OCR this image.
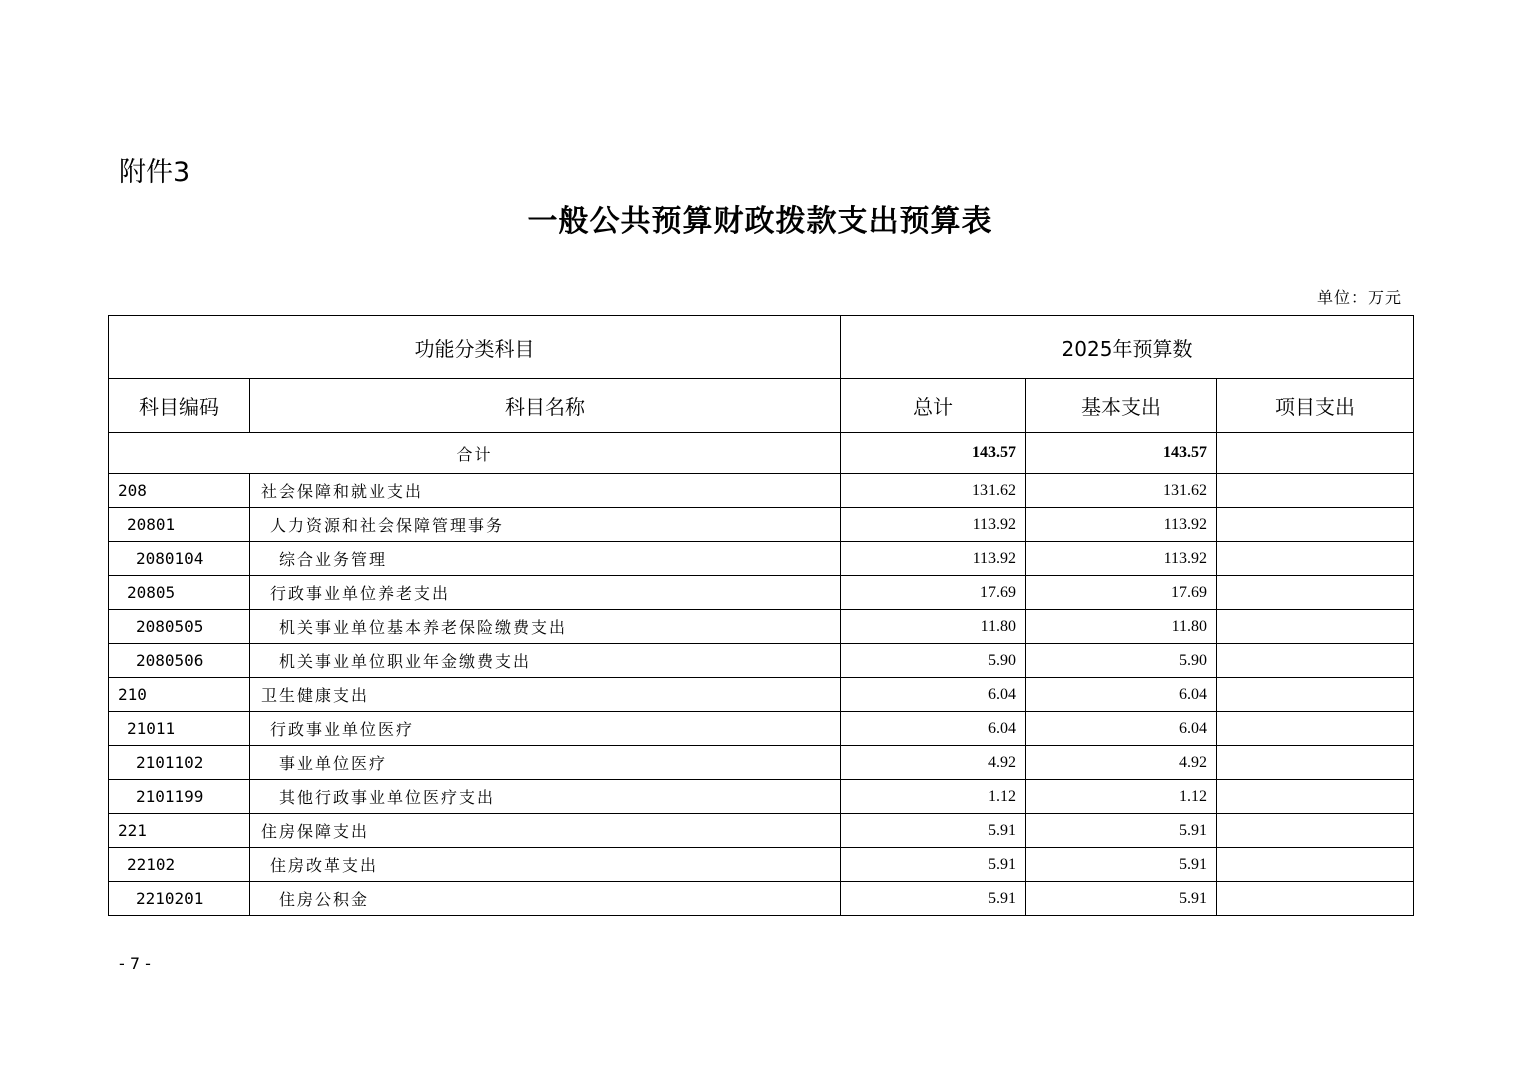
附件3
一般公共预算财政拨款支出预算表
单位：万元
功能分类科目		2025年预算数		
科目编码	科目名称	总计	基本支出	项目支出
合计		143.57	143.57	
208	社会保障和就业支出	131.62	131.62	
20801	人力资源和社会保障管理事务	113.92	113.92	
2080104	综合业务管理	113.92	113.92	
20805	行政事业单位养老支出	17.69	17.69	
2080505	机关事业单位基本养老保险缴费支出	11.80	11.80	
2080506	机关事业单位职业年金缴费支出	5.90	5.90	
210	卫生健康支出	6.04	6.04	
21011	行政事业单位医疗	6.04	6.04	
2101102	事业单位医疗	4.92	4.92	
2101199	其他行政事业单位医疗支出	1.12	1.12	
221	住房保障支出	5.91	5.91	
22102	住房改革支出	5.91	5.91	
2210201	住房公积金	5.91	5.91	
- 7 -
